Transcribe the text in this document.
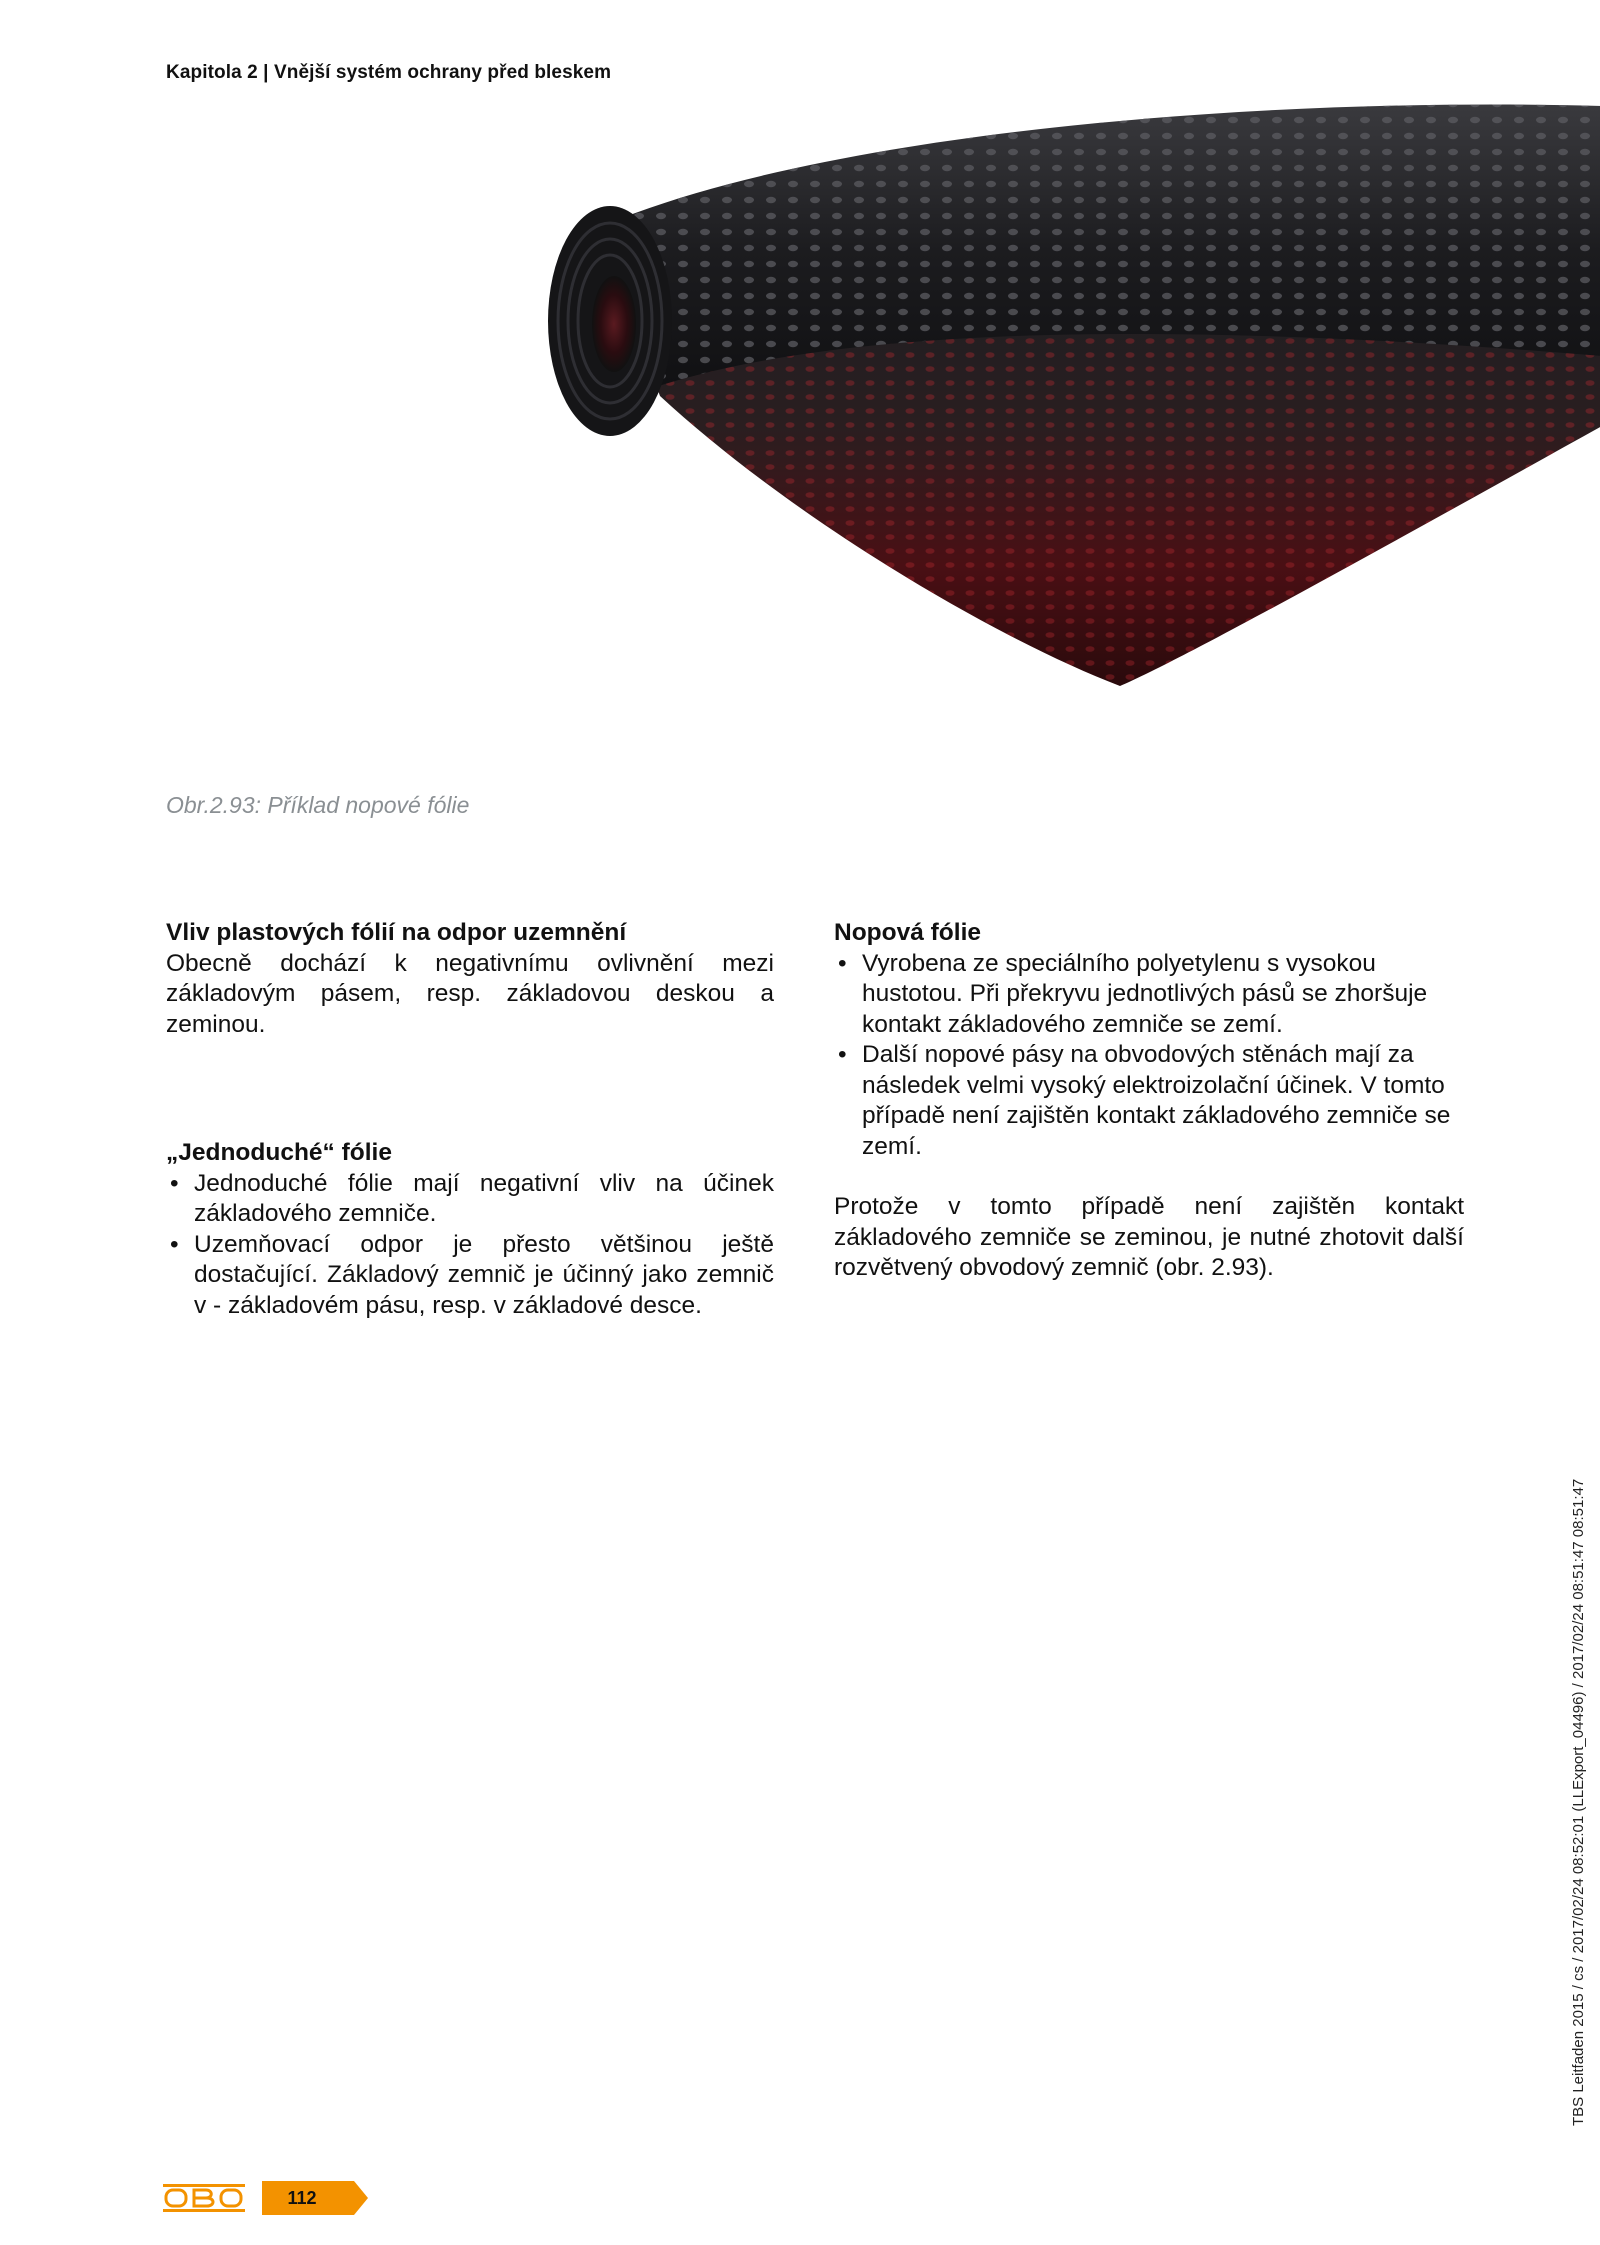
Kapitola 2 | Vnější systém ochrany před bleskem
Obr.2.93: Příklad nopové fólie
Vliv plastových fólií na odpor uzemnění
Obecně dochází k negativnímu ovlivnění mezi základovým pásem, resp. základovou deskou a zeminou.
„Jednoduché“ fólie
• Jednoduché fólie mají negativní vliv na účinek základového zemniče.
• Uzemňovací odpor je přesto většinou ještě dostačující. Základový zemnič je účinný jako zemnič v - základovém pásu, resp. v základové desce.
Nopová fólie
• Vyrobena ze speciálního polyetylenu s vysokou hustotou. Při překryvu jednotlivých pásů se zhoršuje kontakt základového zemniče se zemí.
• Další nopové pásy na obvodových stěnách mají za následek velmi vysoký elektroizolační účinek. V tomto případě není zajištěn kontakt základového zemniče se zemí.
Protože v tomto případě není zajištěn kontakt základového zemniče se zeminou, je nutné zhotovit další rozvětvený obvodový zemnič (obr. 2.93).
TBS Leitfaden 2015 / cs / 2017/02/24 08:52:01 (LLExport_04496) / 2017/02/24 08:51:47 08:51:47
112
